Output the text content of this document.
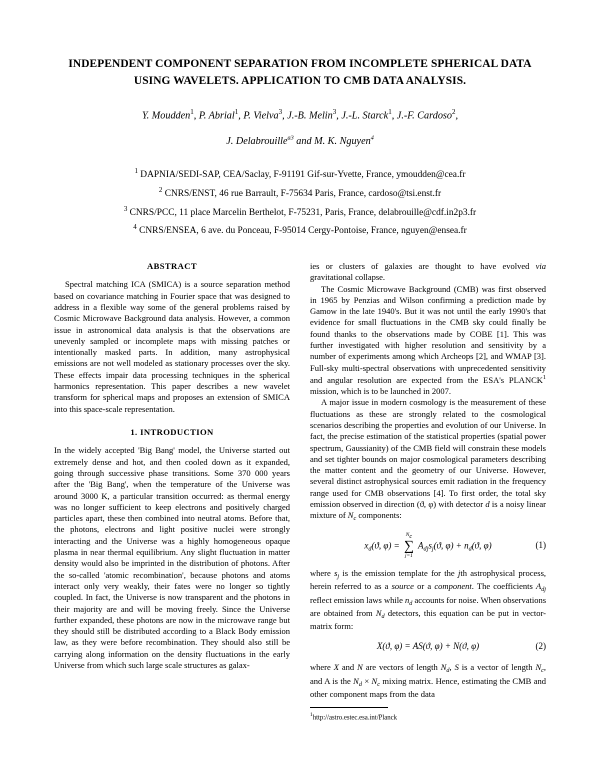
INDEPENDENT COMPONENT SEPARATION FROM INCOMPLETE SPHERICAL DATA USING WAVELETS. APPLICATION TO CMB DATA ANALYSIS.
Y. Moudden$^1$, P. Abrial$^1$, P. Vielva$^3$, J.-B. Melin$^3$, J.-L. Starck$^1$, J.-F. Cardoso$^2$,
J. Delabrouille$^{a3}$ and M. K. Nguyen$^4$
$^1$ DAPNIA/SEDI-SAP, CEA/Saclay, F-91191 Gif-sur-Yvette, France, ymoudden@cea.fr
$^2$ CNRS/ENST, 46 rue Barrault, F-75634 Paris, France, cardoso@tsi.enst.fr
$^3$ CNRS/PCC, 11 place Marcelin Berthelot, F-75231, Paris, France, delabrouille@cdf.in2p3.fr
$^4$ CNRS/ENSEA, 6 ave. du Ponceau, F-95014 Cergy-Pontoise, France, nguyen@ensea.fr
ABSTRACT

Spectral matching ICA (SMICA) is a source separation method based on covariance matching in Fourier space that was designed to address in a flexible way some of the general problems raised by Cosmic Microwave Background data analysis. However, a common issue in astronomical data analysis is that the observations are unevenly sampled or incomplete maps with missing patches or intentionally masked parts. In addition, many astrophysical emissions are not well modeled as stationary processes over the sky. These effects impair data processing techniques in the spherical harmonics representation. This paper describes a new wavelet transform for spherical maps and proposes an extension of SMICA into this space-scale representation.

1. INTRODUCTION

In the widely accepted 'Big Bang' model, the Universe started out extremely dense and hot, and then cooled down as it expanded, going through successive phase transitions. Some 370 000 years after the 'Big Bang', when the temperature of the Universe was around 3000 K, a particular transition occurred: as thermal energy was no longer sufficient to keep electrons and positively charged particles apart, these then combined into neutral atoms. Before that, the photons, electrons and light positive nuclei were strongly interacting and the Universe was a highly homogeneous opaque plasma in near thermal equilibrium. Any slight fluctuation in matter density would also be imprinted in the distribution of photons. After the so-called 'atomic recombination', because photons and atoms interact only very weakly, their fates were no longer so tightly coupled. In fact, the Universe is now transparent and the photons in their majority are and will be moving freely. Since the Universe further expanded, these photons are now in the microwave range but they should still be distributed according to a Black Body emission law, as they were before recombination. They should also still be carrying along information on the density fluctuations in the early Universe from which such large scale structures as galax-

ies or clusters of galaxies are thought to have evolved via gravitational collapse.

The Cosmic Microwave Background (CMB) was first observed in 1965 by Penzias and Wilson confirming a prediction made by Gamow in the late 1940's. But it was not until the early 1990's that evidence for small fluctuations in the CMB sky could finally be found thanks to the observations made by COBE [1]. This was further investigated with higher resolution and sensitivity by a number of experiments among which Archeops [2], and WMAP [3]. Full-sky multi-spectral observations with unprecedented sensitivity and angular resolution are expected from the ESA's PLANCK$^1$ mission, which is to be launched in 2007.

A major issue in modern cosmology is the measurement of these fluctuations as these are strongly related to the cosmological scenarios describing the properties and evolution of our Universe. In fact, the precise estimation of the statistical properties (spatial power spectrum, Gaussianity) of the CMB field will constrain these models and set tighter bounds on major cosmological parameters describing the matter content and the geometry of our Universe. However, several distinct astrophysical sources emit radiation in the frequency range used for CMB observations [4]. To first order, the total sky emission observed in direction (ϑ, φ) with detector d is a noisy linear mixture of $N_c$ components:

$x_d(ϑ$, φ) =
$N_c$
∑
j=1
$A_{dj}s_j(ϑ$, $\varphi) + n_d(ϑ$, φ)	(1)

where $s_j$ is the emission template for the jth astrophysical process, herein referred to as a source or a component. The coefficients $A_{dj}$ reflect emission laws while $n_d$ accounts for noise. When observations are obtained from $N_d$ detectors, this equation can be put in vector-matrix form:

X(ϑ, φ) = AS(ϑ, φ) + N(ϑ, φ)	(2)

where X and N are vectors of length $N_d$, S is a vector of length $N_c$, and A is the $N_d \times N_c$ mixing matrix. Hence, estimating the CMB and other component maps from the data

$^1$http://astro.estec.esa.int/Planck
